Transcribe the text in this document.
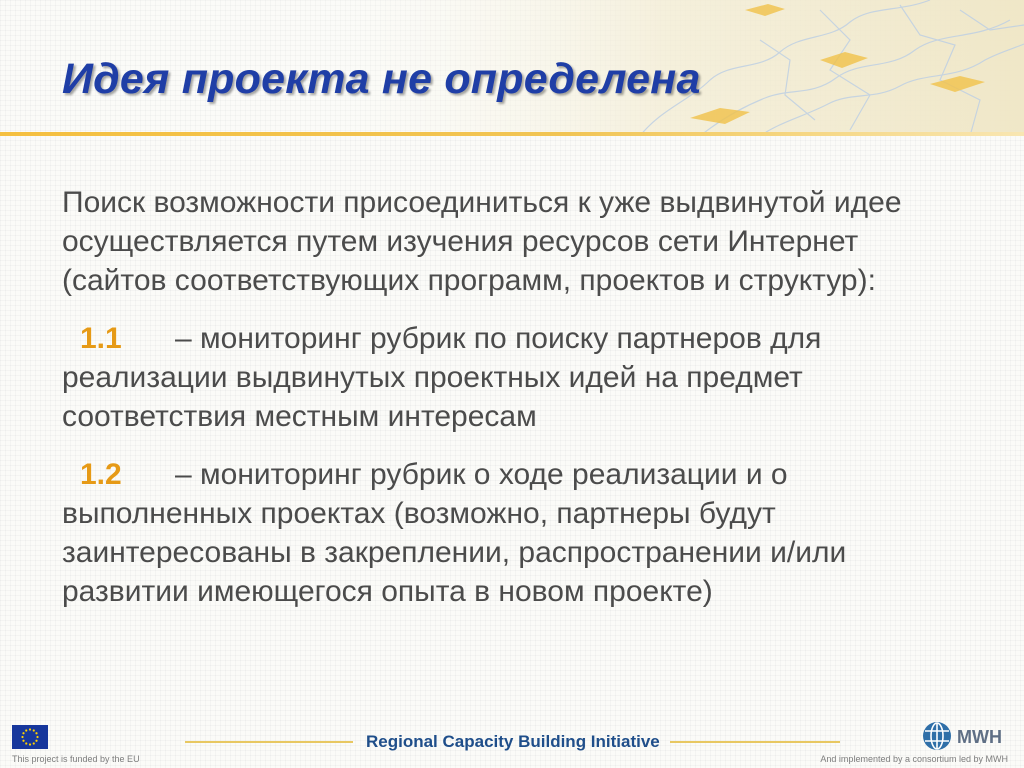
Идея проекта не определена

Поиск возможности присоединиться к уже выдвинутой идее осуществляется путем изучения ресурсов сети Интернет (сайтов соответствующих программ, проектов и структур):

1.1 – мониторинг рубрик по поиску партнеров для реализации выдвинутых проектных идей на предмет соответствия местным интересам

1.2 – мониторинг рубрик о ходе реализации и о выполненных проектах (возможно, партнеры будут заинтересованы в закреплении, распространении и/или развитии имеющегося опыта в новом проекте)

This project is funded by the EU
Regional Capacity Building Initiative	MWH
And implemented by a consortium led by MWH
